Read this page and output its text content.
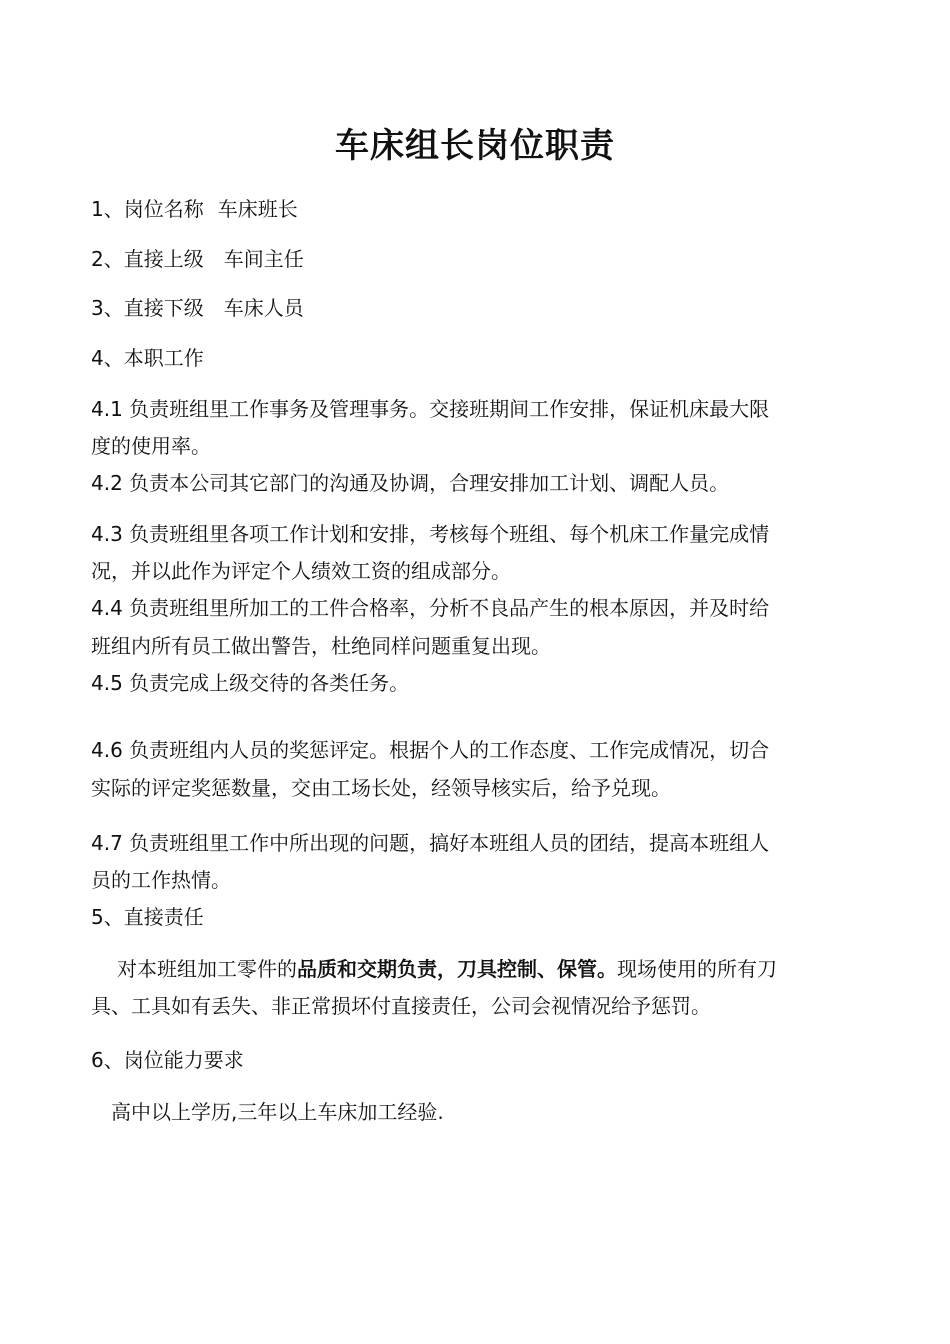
车床组长岗位职责
1、岗位名称 车床班长
2、直接上级 车间主任
3、直接下级 车床人员
4、本职工作
4.1 负责班组里工作事务及管理事务。交接班期间工作安排，保证机床最大限
度的使用率。
4.2 负责本公司其它部门的沟通及协调，合理安排加工计划、调配人员。
4.3 负责班组里各项工作计划和安排，考核每个班组、每个机床工作量完成情
况，并以此作为评定个人绩效工资的组成部分。
4.4 负责班组里所加工的工件合格率，分析不良品产生的根本原因，并及时给
班组内所有员工做出警告，杜绝同样问题重复出现。
4.5 负责完成上级交待的各类任务。
4.6 负责班组内人员的奖惩评定。根据个人的工作态度、工作完成情况，切合
实际的评定奖惩数量，交由工场长处，经领导核实后，给予兑现。
4.7 负责班组里工作中所出现的问题，搞好本班组人员的团结，提高本班组人
员的工作热情。
5、直接责任
对本班组加工零件的品质和交期负责，刀具控制、保管。现场使用的所有刀
具、工具如有丢失、非正常损坏付直接责任，公司会视情况给予惩罚。
6、岗位能力要求
高中以上学历,三年以上车床加工经验.
